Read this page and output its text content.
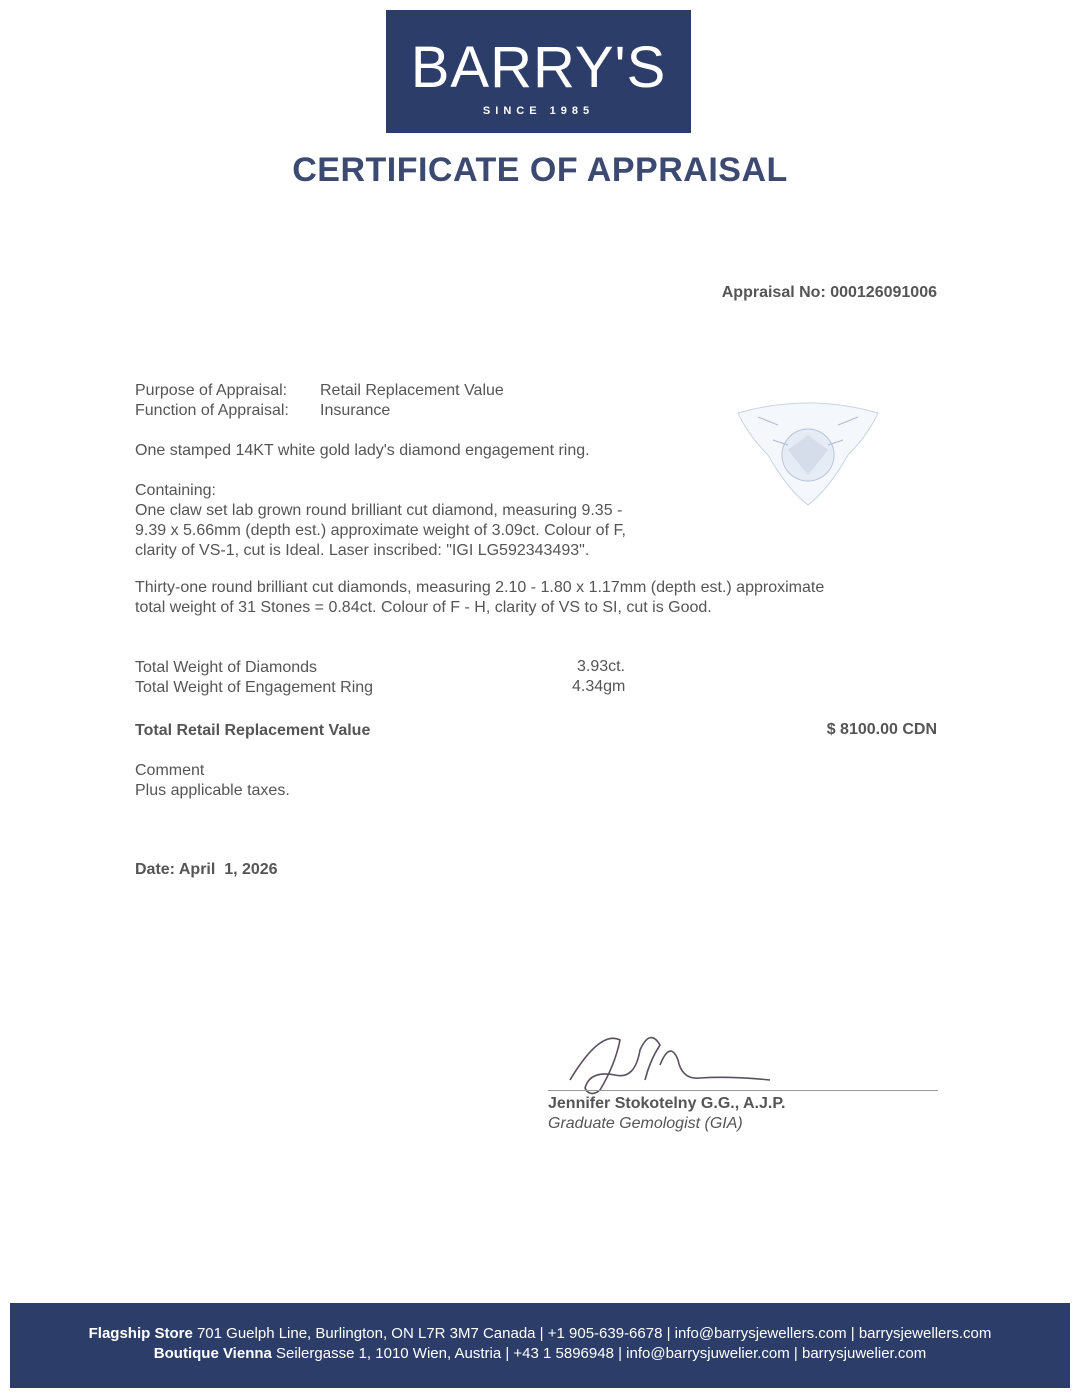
BARRY'S
SINCE 1985
CERTIFICATE OF APPRAISAL
Appraisal No: 000126091006
Purpose of Appraisal: Retail Replacement Value
Function of Appraisal: Insurance
One stamped 14KT white gold lady's diamond engagement ring.
Containing:
One claw set lab grown round brilliant cut diamond, measuring 9.35 -
9.39 x 5.66mm (depth est.) approximate weight of 3.09ct. Colour of F,
clarity of VS-1, cut is Ideal. Laser inscribed: "IGI LG592343493".
Thirty-one round brilliant cut diamonds, measuring 2.10 - 1.80 x 1.17mm (depth est.) approximate
total weight of 31 Stones = 0.84ct. Colour of F - H, clarity of VS to SI, cut is Good.
Total Weight of Diamonds	3.93ct.
Total Weight of Engagement Ring	4.34gm
Total Retail Replacement Value	$ 8100.00 CDN
Comment
Plus applicable taxes.
Date: April  1, 2026
Jennifer Stokotelny G.G., A.J.P.
Graduate Gemologist (GIA)
Flagship Store 701 Guelph Line, Burlington, ON L7R 3M7 Canada | +1 905-639-6678 | info@barrysjewellers.com | barrysjewellers.com
Boutique Vienna Seilergasse 1, 1010 Wien, Austria | +43 1 5896948 | info@barrysjuwelier.com | barrysjuwelier.com
